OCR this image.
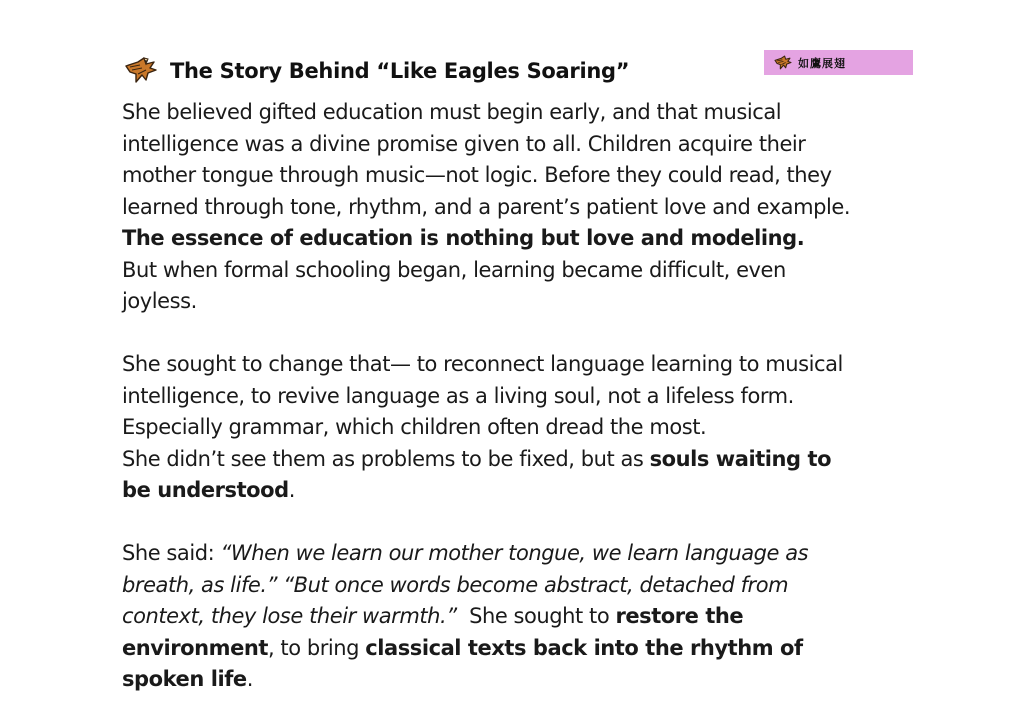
The Story Behind “Like Eagles Soaring”	如鷹展翅
She believed gifted education must begin early, and that musical
intelligence was a divine promise given to all. Children acquire their
mother tongue through music—not logic. Before they could read, they
learned through tone, rhythm, and a parent’s patient love and example.
The essence of education is nothing but love and modeling.
But when formal schooling began, learning became difficult, even
joyless.
She sought to change that— to reconnect language learning to musical
intelligence, to revive language as a living soul, not a lifeless form.
Especially grammar, which children often dread the most.
She didn’t see them as problems to be fixed, but as souls waiting to
be understood.
She said: “When we learn our mother tongue, we learn language as
breath, as life.” “But once words become abstract, detached from
context, they lose their warmth.”  She sought to restore the
environment, to bring classical texts back into the rhythm of
spoken life.
